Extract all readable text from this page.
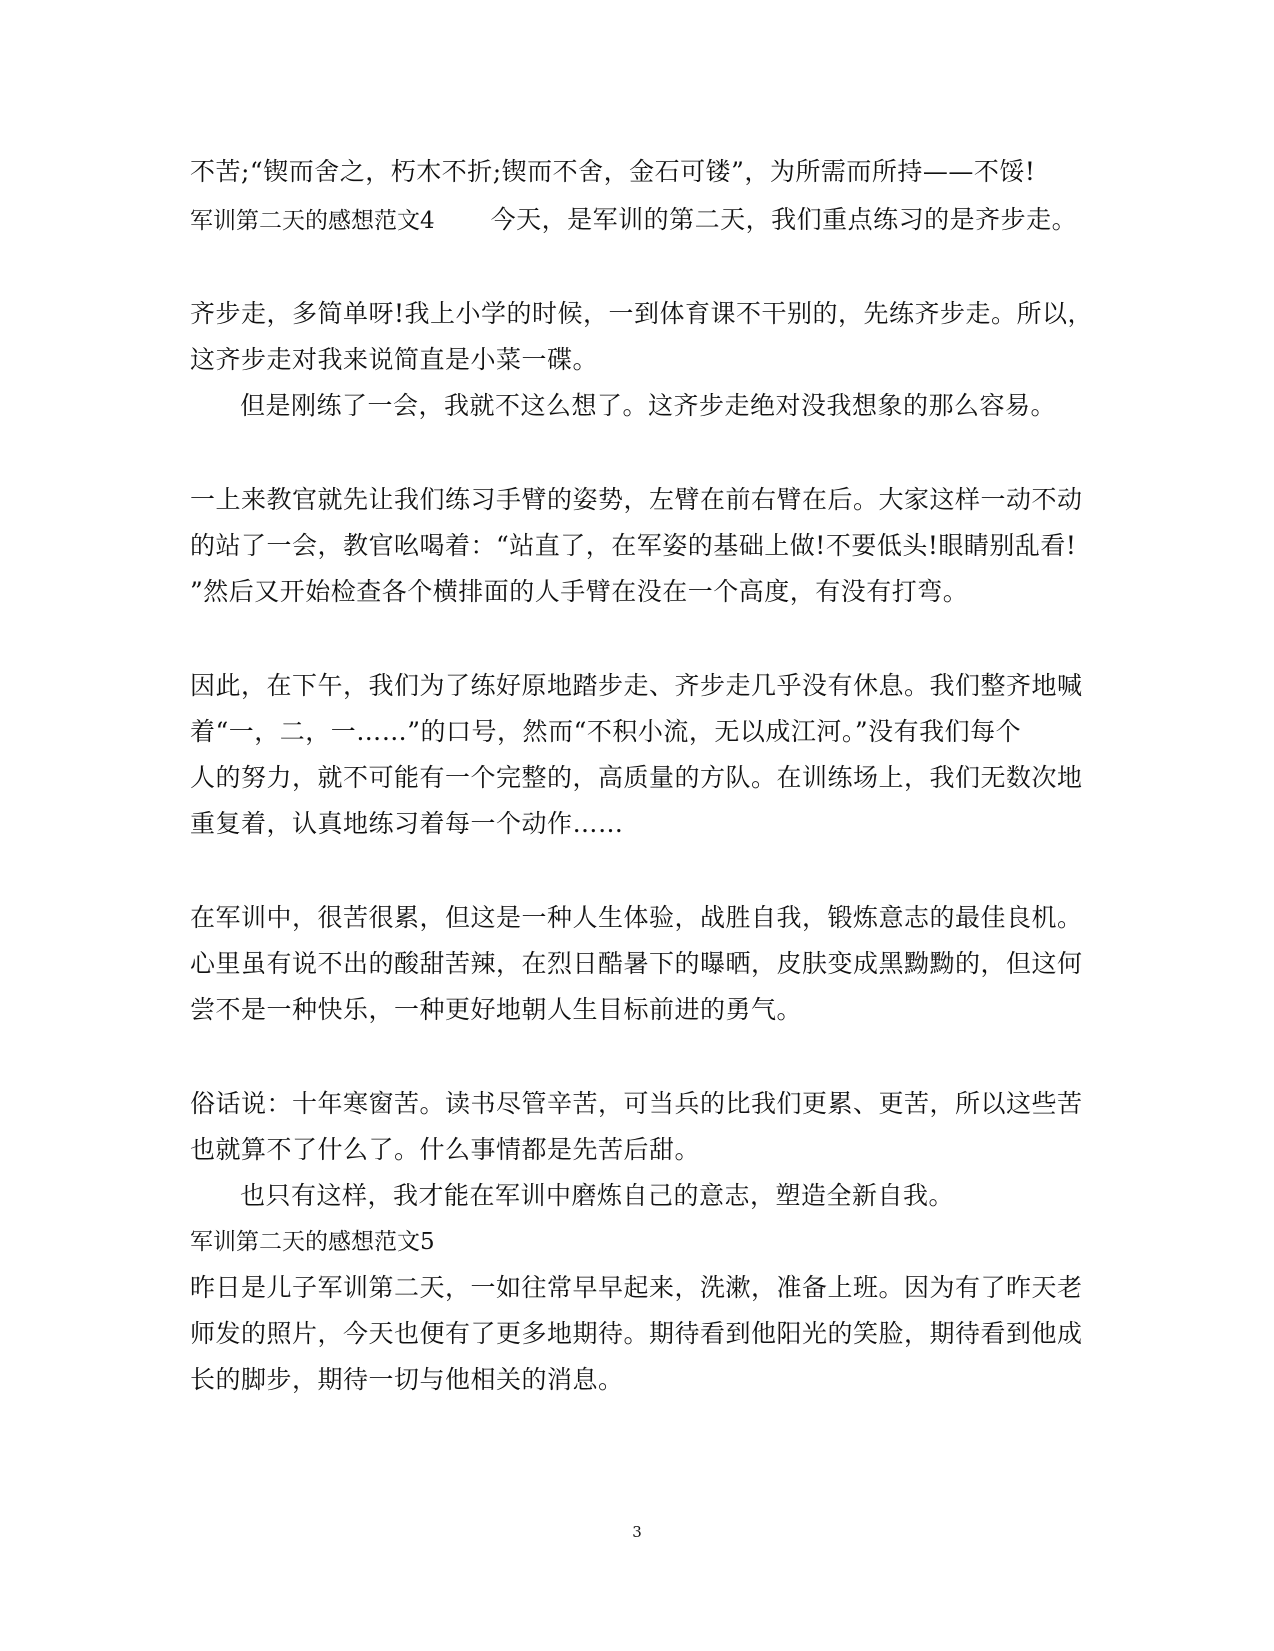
不苦;“锲而舍之，朽木不折;锲而不舍，金石可镂”，为所需而所持——不馁!
军训第二天的感想范文4 今天，是军训的第二天，我们重点练习的是齐步走。
齐步走，多简单呀!我上小学的时候，一到体育课不干别的，先练齐步走。所以，
这齐步走对我来说简直是小菜一碟。
但是刚练了一会，我就不这么想了。这齐步走绝对没我想象的那么容易。
一上来教官就先让我们练习手臂的姿势，左臂在前右臂在后。大家这样一动不动
的站了一会，教官吆喝着：“站直了，在军姿的基础上做!不要低头!眼睛别乱看!
”然后又开始检查各个横排面的人手臂在没在一个高度，有没有打弯。
因此，在下午，我们为了练好原地踏步走、齐步走几乎没有休息。我们整齐地喊
着“一，二，一……”的口号，然而“不积小流，无以成江河。”没有我们每个
人的努力，就不可能有一个完整的，高质量的方队。在训练场上，我们无数次地
重复着，认真地练习着每一个动作……
在军训中，很苦很累，但这是一种人生体验，战胜自我，锻炼意志的最佳良机。
心里虽有说不出的酸甜苦辣，在烈日酷暑下的曝晒，皮肤变成黑黝黝的，但这何
尝不是一种快乐，一种更好地朝人生目标前进的勇气。
俗话说：十年寒窗苦。读书尽管辛苦，可当兵的比我们更累、更苦，所以这些苦
也就算不了什么了。什么事情都是先苦后甜。
也只有这样，我才能在军训中磨炼自己的意志，塑造全新自我。
军训第二天的感想范文5
昨日是儿子军训第二天，一如往常早早起来，洗漱，准备上班。因为有了昨天老
师发的照片，今天也便有了更多地期待。期待看到他阳光的笑脸，期待看到他成
长的脚步，期待一切与他相关的消息。
3
